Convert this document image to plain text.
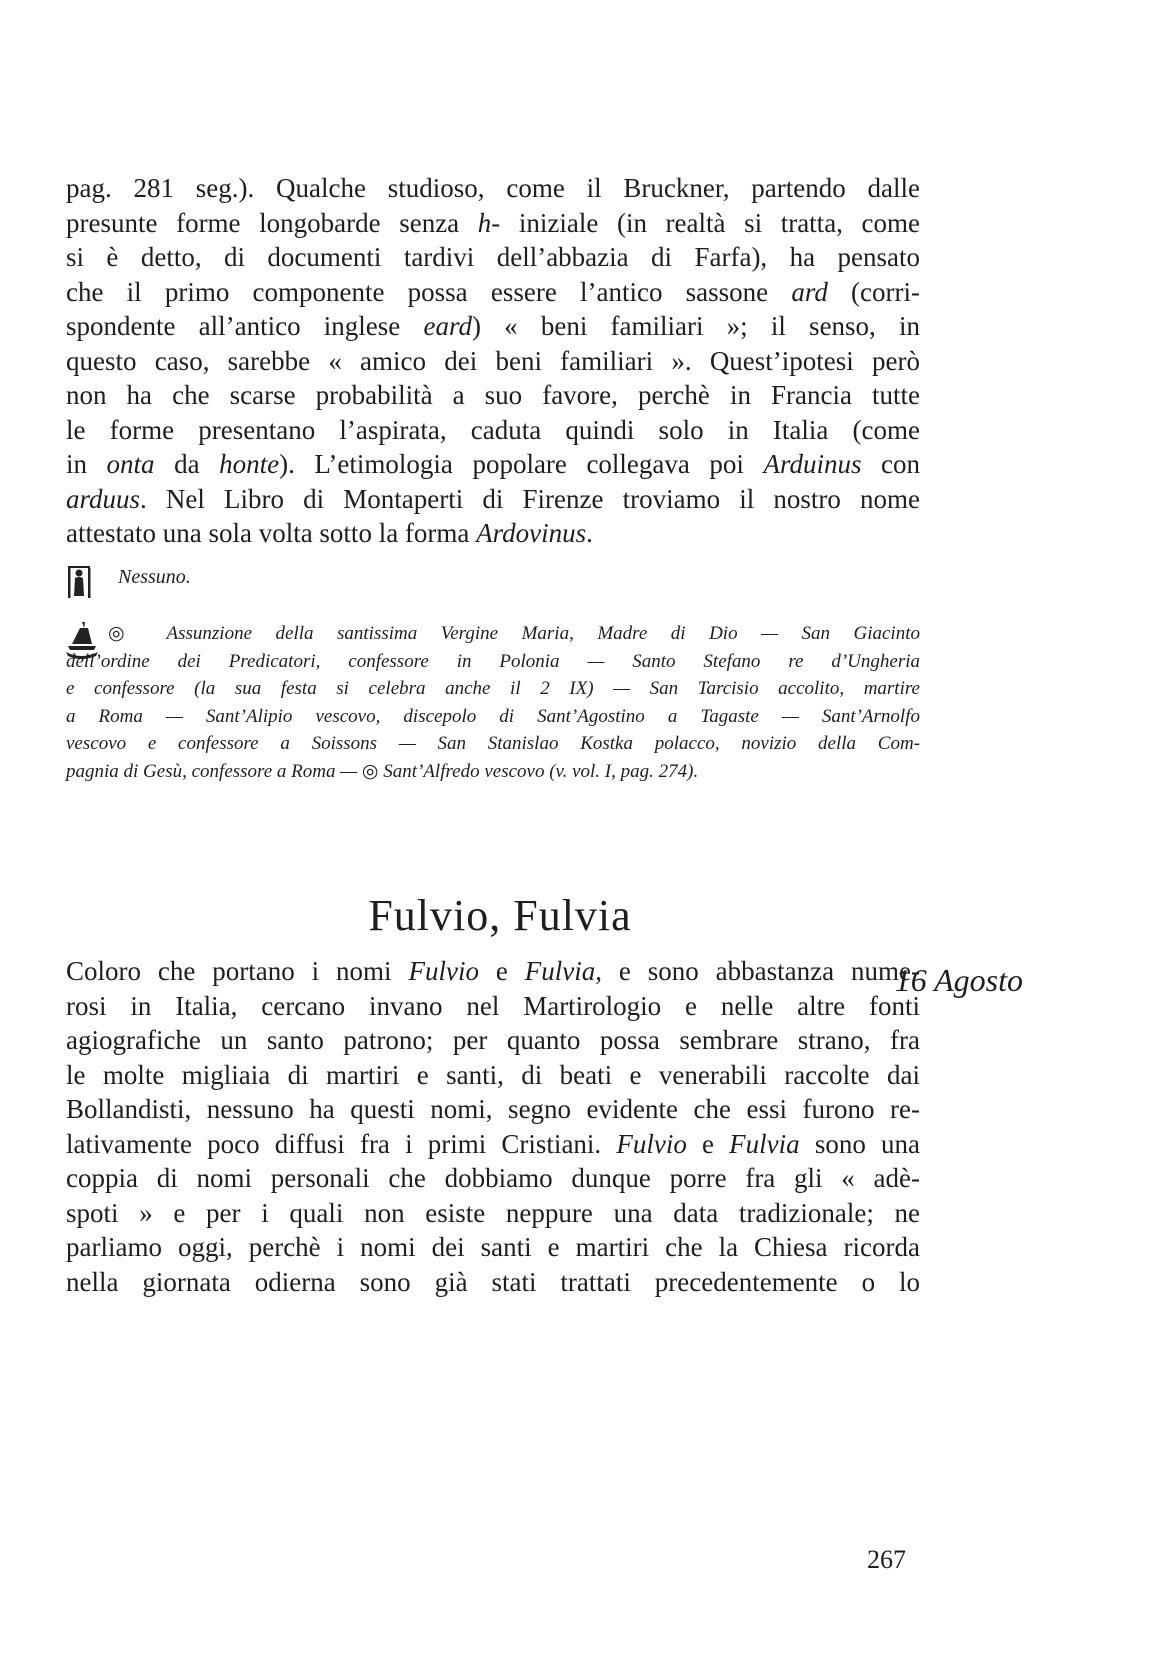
pag. 281 seg.). Qualche studioso, come il Bruckner, partendo dalle
presunte forme longobarde senza h- iniziale (in realtà si tratta, come
si è detto, di documenti tardivi dell’abbazia di Farfa), ha pensato
che il primo componente possa essere l’antico sassone ard (corri-
spondente all’antico inglese eard) « beni familiari »; il senso, in
questo caso, sarebbe « amico dei beni familiari ». Quest’ipotesi però
non ha che scarse probabilità a suo favore, perchè in Francia tutte
le forme presentano l’aspirata, caduta quindi solo in Italia (come
in onta da honte). L’etimologia popolare collegava poi Arduinus con
arduus. Nel Libro di Montaperti di Firenze troviamo il nostro nome
attestato una sola volta sotto la forma Ardovinus.
Nessuno.
◎ Assunzione della santissima Vergine Maria, Madre di Dio — San Giacinto
dell’ordine dei Predicatori, confessore in Polonia — Santo Stefano re d’Ungheria
e confessore (la sua festa si celebra anche il 2 IX) — San Tarcisio accolito, martire
a Roma — Sant’Alipio vescovo, discepolo di Sant’Agostino a Tagaste — Sant’Arnolfo
vescovo e confessore a Soissons — San Stanislao Kostka polacco, novizio della Com-
pagnia di Gesù, confessore a Roma — ◎ Sant’Alfredo vescovo (v. vol. I, pag. 274).
Fulvio, Fulvia
16 Agosto
Coloro che portano i nomi Fulvio e Fulvia, e sono abbastanza nume-
rosi in Italia, cercano invano nel Martirologio e nelle altre fonti
agiografiche un santo patrono; per quanto possa sembrare strano, fra
le molte migliaia di martiri e santi, di beati e venerabili raccolte dai
Bollandisti, nessuno ha questi nomi, segno evidente che essi furono re-
lativamente poco diffusi fra i primi Cristiani. Fulvio e Fulvia sono una
coppia di nomi personali che dobbiamo dunque porre fra gli « adè-
spoti » e per i quali non esiste neppure una data tradizionale; ne
parliamo oggi, perchè i nomi dei santi e martiri che la Chiesa ricorda
nella giornata odierna sono già stati trattati precedentemente o lo
267
